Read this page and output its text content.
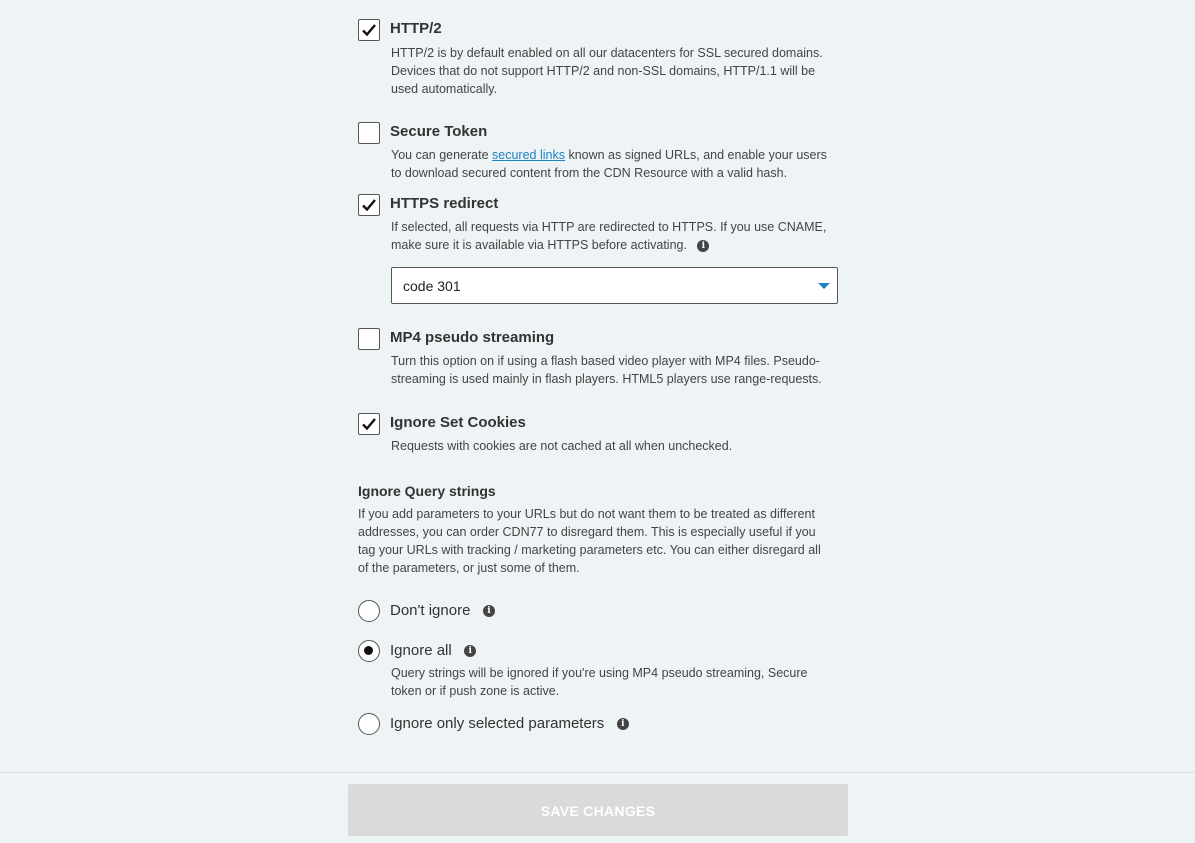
HTTP/2
HTTP/2 is by default enabled on all our datacenters for SSL secured domains.
Devices that do not support HTTP/2 and non-SSL domains, HTTP/1.1 will be
used automatically.
Secure Token
You can generate secured links known as signed URLs, and enable your users
to download secured content from the CDN Resource with a valid hash.
HTTPS redirect
If selected, all requests via HTTP are redirected to HTTPS. If you use CNAME,
make sure it is available via HTTPS before activating. i
code 301
MP4 pseudo streaming
Turn this option on if using a flash based video player with MP4 files. Pseudo-
streaming is used mainly in flash players. HTML5 players use range-requests.
Ignore Set Cookies
Requests with cookies are not cached at all when unchecked.
Ignore Query strings
If you add parameters to your URLs but do not want them to be treated as different
addresses, you can order CDN77 to disregard them. This is especially useful if you
tag your URLs with tracking / marketing parameters etc. You can either disregard all
of the parameters, or just some of them.
Don't ignore i
Ignore all i
Query strings will be ignored if you're using MP4 pseudo streaming, Secure
token or if push zone is active.
Ignore only selected parameters i
SAVE CHANGES
